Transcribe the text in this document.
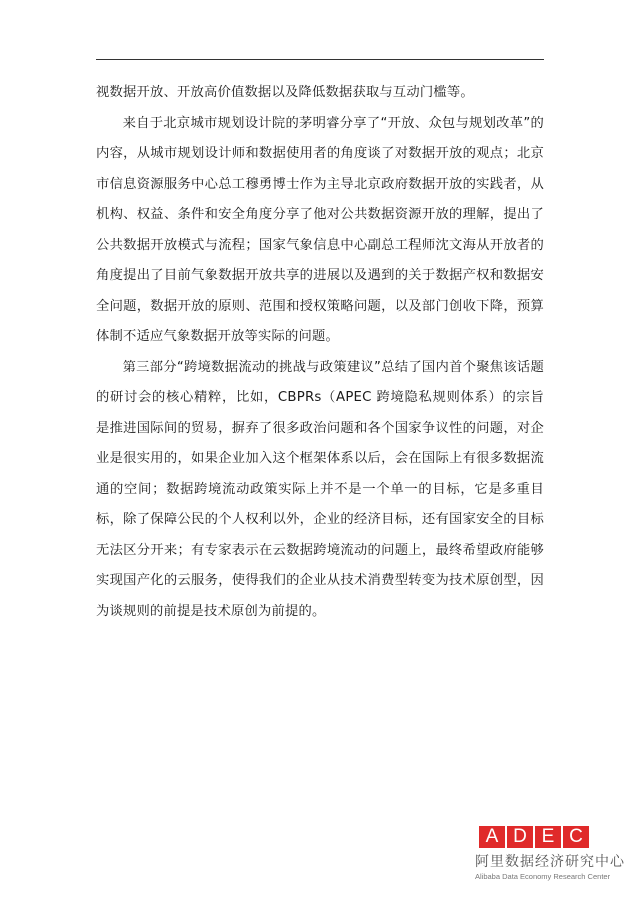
视数据开放、开放高价值数据以及降低数据获取与互动门槛等。

来自于北京城市规划设计院的茅明睿分享了“开放、众包与规划改革”的内容，从城市规划设计师和数据使用者的角度谈了对数据开放的观点；北京市信息资源服务中心总工穆勇博士作为主导北京政府数据开放的实践者，从机构、权益、条件和安全角度分享了他对公共数据资源开放的理解，提出了公共数据开放模式与流程；国家气象信息中心副总工程师沈文海从开放者的角度提出了目前气象数据开放共享的进展以及遇到的关于数据产权和数据安全问题，数据开放的原则、范围和授权策略问题，以及部门创收下降，预算体制不适应气象数据开放等实际的问题。

第三部分“跨境数据流动的挑战与政策建议”总结了国内首个聚焦该话题的研讨会的核心精粹，比如，CBPRs（APEC 跨境隐私规则体系）的宗旨是推进国际间的贸易，摒弃了很多政治问题和各个国家争议性的问题，对企业是很实用的，如果企业加入这个框架体系以后，会在国际上有很多数据流通的空间；数据跨境流动政策实际上并不是一个单一的目标，它是多重目标，除了保障公民的个人权利以外，企业的经济目标，还有国家安全的目标无法区分开来；有专家表示在云数据跨境流动的问题上，最终希望政府能够实现国产化的云服务，使得我们的企业从技术消费型转变为技术原创型，因为谈规则的前提是技术原创为前提的。

A D E C
阿里数据经济研究中心
Alibaba Data Economy Research Center
